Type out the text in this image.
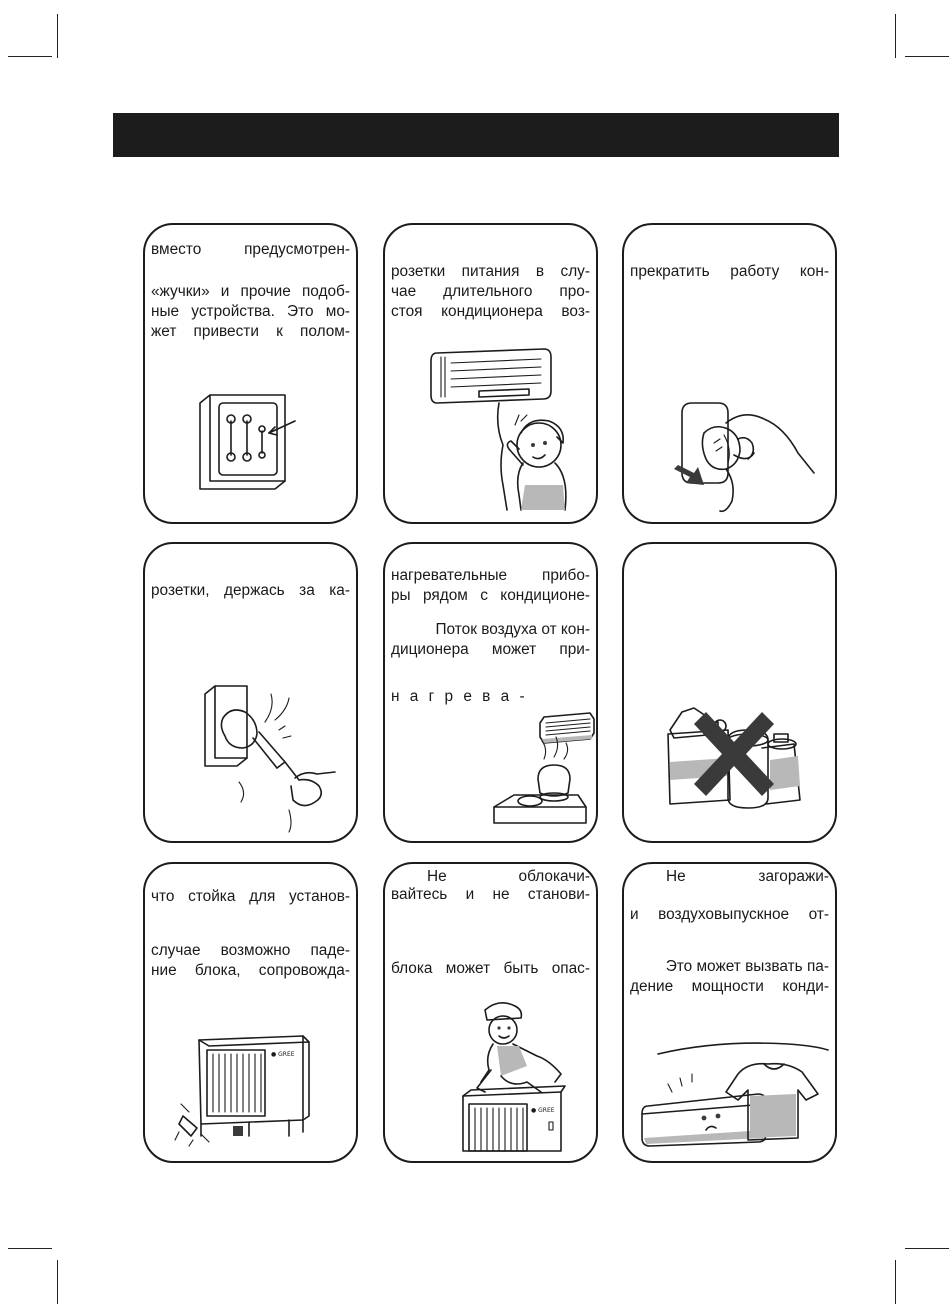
вместо предусмотрен-
«жучки» и прочие подоб-
ные устройства. Это мо-
жет привести к полом-
розетки питания в слу-
чае длительного про-
стоя кондиционера воз-
прекратить работу кон-
розетки, держась за ка-
нагревательные прибо-
ры рядом с кондиционе-
Поток воздуха от кон-
диционера может при-
н а г р е в а -
что стойка для установ-
случае возможно паде-
ние блока, сопровожда-
● GREE
Не облокачи-
вайтесь и не станови-
блока может быть опас-
● GREE
Не загоражи-
и воздуховыпускное от-
Это может вызвать па-
дение мощности конди-
